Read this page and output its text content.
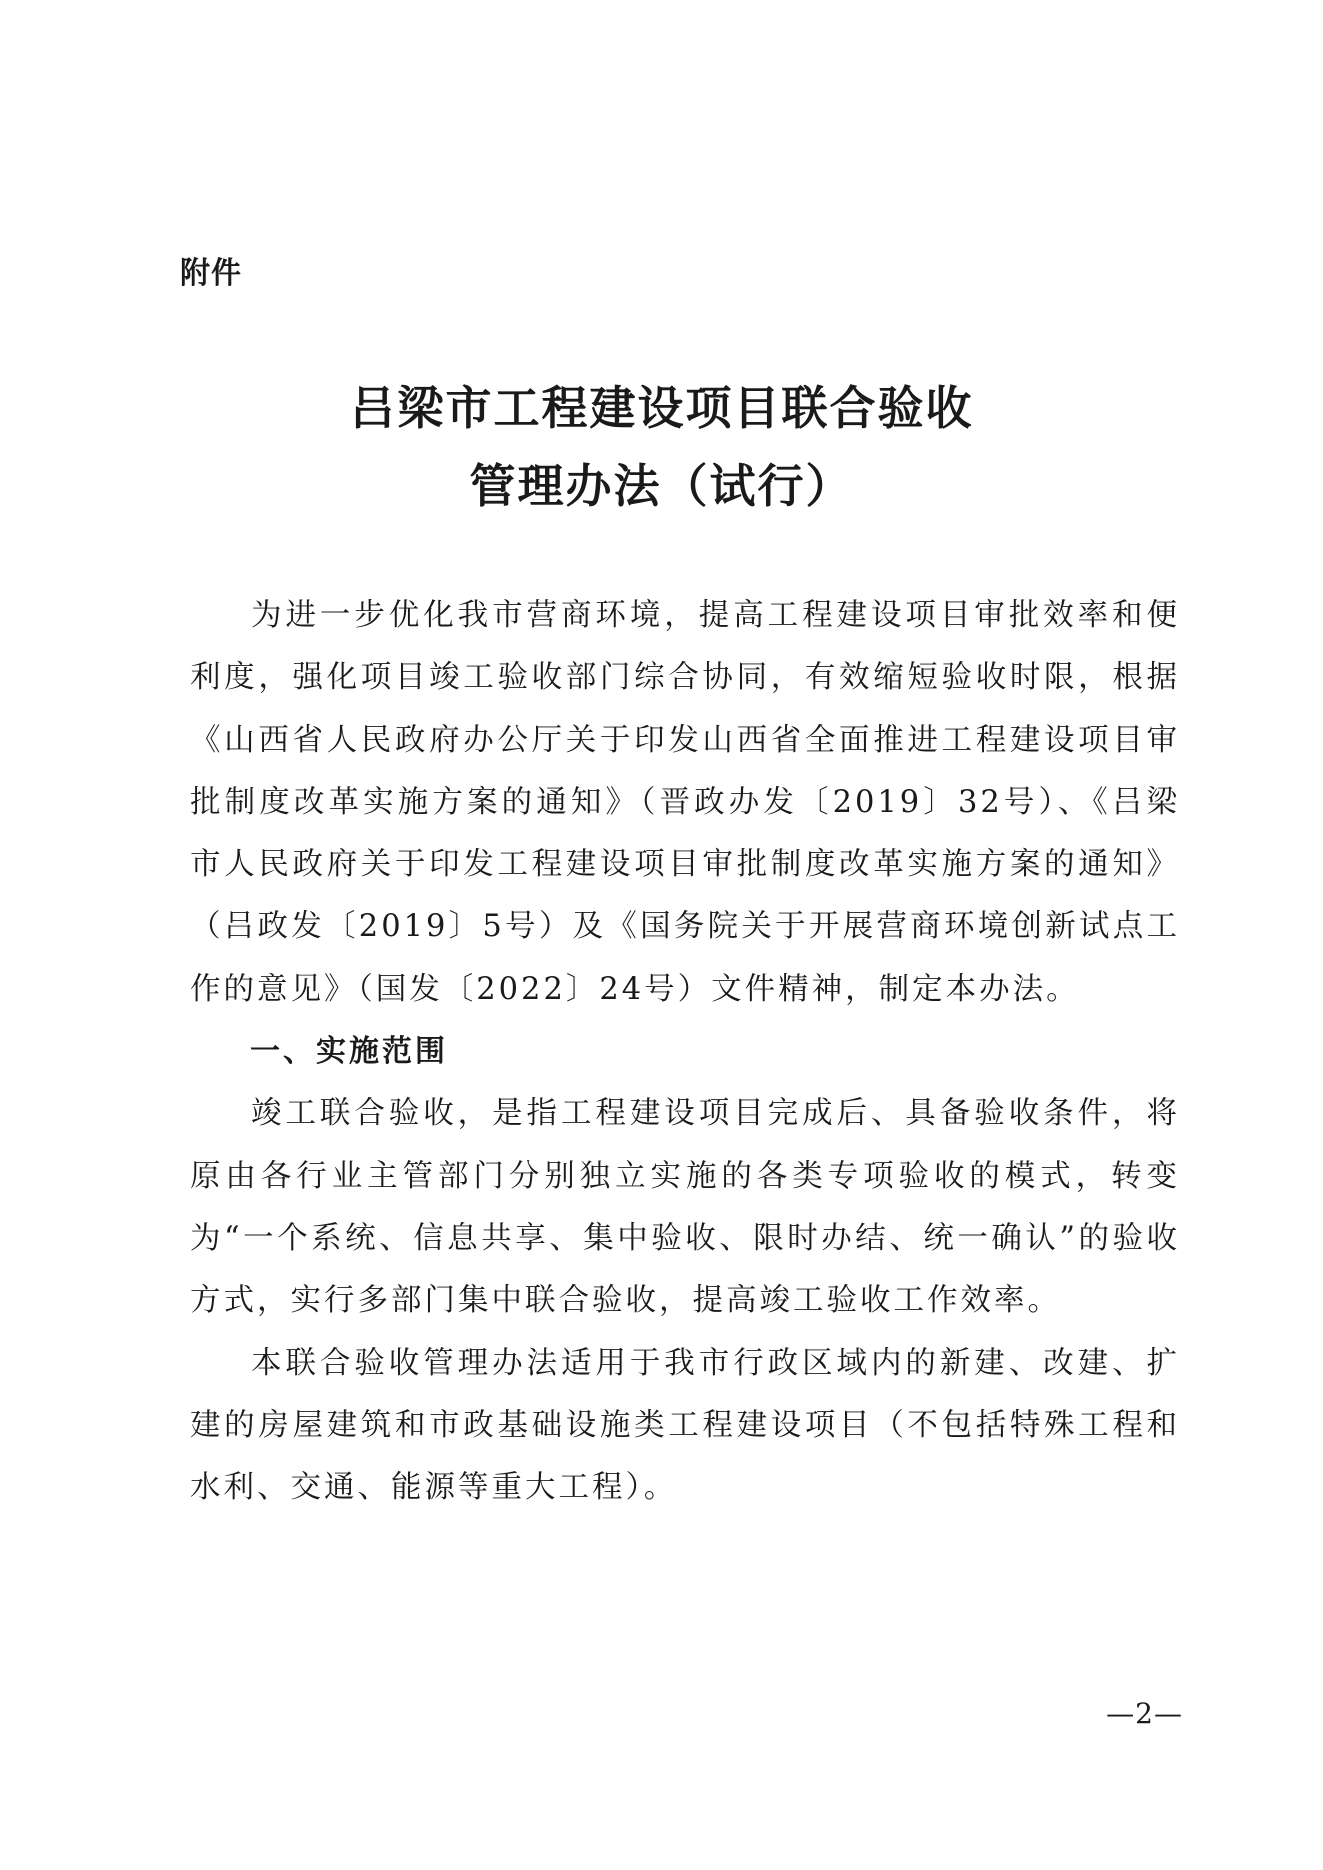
附件
吕梁市工程建设项目联合验收
管理办法（试行）

为进一步优化我市营商环境，提高工程建设项目审批效率和便利度，强化项目竣工验收部门综合协同，有效缩短验收时限，根据《山西省人民政府办公厅关于印发山西省全面推进工程建设项目审批制度改革实施方案的通知》（晋政办发〔2019〕32号）、《吕梁市人民政府关于印发工程建设项目审批制度改革实施方案的通知》（吕政发〔2019〕5号）及《国务院关于开展营商环境创新试点工作的意见》（国发〔2022〕24号）文件精神，制定本办法。

一、实施范围

竣工联合验收，是指工程建设项目完成后、具备验收条件，将原由各行业主管部门分别独立实施的各类专项验收的模式，转变为“一个系统、信息共享、集中验收、限时办结、统一确认”的验收方式，实行多部门集中联合验收，提高竣工验收工作效率。

本联合验收管理办法适用于我市行政区域内的新建、改建、扩建的房屋建筑和市政基础设施类工程建设项目（不包括特殊工程和水利、交通、能源等重大工程）。

—2—
